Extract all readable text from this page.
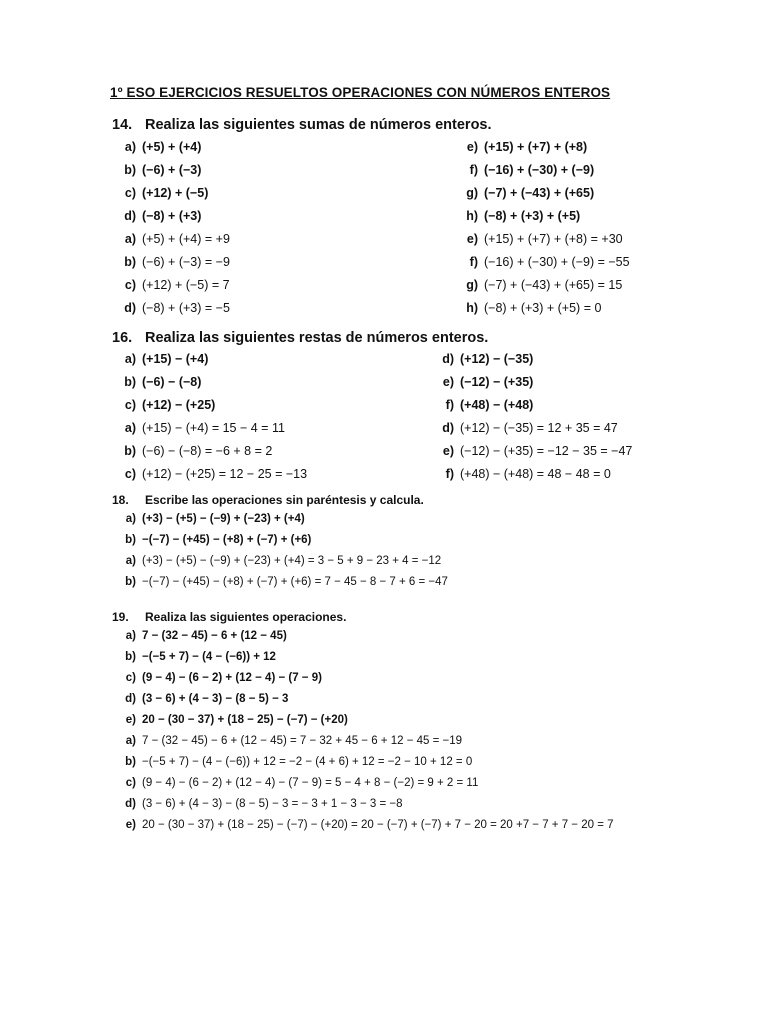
1º ESO EJERCICIOS RESUELTOS OPERACIONES CON NÚMEROS ENTEROS
14. Realiza las siguientes sumas de números enteros.
a) (+5) + (+4)
b) (−6) + (−3)
c) (+12) + (−5)
d) (−8) + (+3)
e) (+15) + (+7) + (+8)
f) (−16) + (−30) + (−9)
g) (−7) + (−43) + (+65)
h) (−8) + (+3) + (+5)
a) (+5) + (+4) = +9
b) (−6) + (−3) = −9
c) (+12) + (−5) = 7
d) (−8) + (+3) = −5
e) (+15) + (+7) + (+8) = +30
f) (−16) + (−30) + (−9) = −55
g) (−7) + (−43) + (+65) = 15
h) (−8) + (+3) + (+5) = 0
16. Realiza las siguientes restas de números enteros.
a) (+15) − (+4)
b) (−6) − (−8)
c) (+12) − (+25)
d) (+12) − (−35)
e) (−12) − (+35)
f) (+48) − (+48)
a) (+15) − (+4) = 15 − 4 = 11
b) (−6) − (−8) = −6 + 8 = 2
c) (+12) − (+25) = 12 − 25 = −13
d) (+12) − (−35) = 12 + 35 = 47
e) (−12) − (+35) = −12 − 35 = −47
f) (+48) − (+48) = 48 − 48 = 0
18.	Escribe las operaciones sin paréntesis y calcula.
a) (+3) − (+5) − (−9) + (−23) + (+4)
b) −(−7) − (+45) − (+8) + (−7) + (+6)
a) (+3) − (+5) − (−9) + (−23) + (+4) = 3 − 5 + 9 − 23 + 4 = −12
b) −(−7) − (+45) − (+8) + (−7) + (+6) = 7 − 45 − 8 − 7 + 6 = −47
19.	Realiza las siguientes operaciones.
a) 7 − (32 − 45) − 6 + (12 − 45)
b) −(−5 + 7) − (4 − (−6)) + 12
c) (9 − 4) − (6 − 2) + (12 − 4) − (7 − 9)
d) (3 − 6) + (4 − 3) − (8 − 5) − 3
e) 20 − (30 − 37) + (18 − 25) − (−7) − (+20)
a) 7 − (32 − 45) − 6 + (12 − 45) = 7 − 32 + 45 − 6 + 12 − 45 = −19
b) −(−5 + 7) − (4 − (−6)) + 12 = −2 − (4 + 6) + 12 = −2 − 10 + 12 = 0
c) (9 − 4) − (6 − 2) + (12 − 4) − (7 − 9) = 5 − 4 + 8 − (−2) = 9 + 2 = 11
d) (3 − 6) + (4 − 3) − (8 − 5) − 3 = − 3 + 1 − 3 − 3 = −8
e) 20 − (30 − 37) + (18 − 25) − (−7) − (+20) = 20 − (−7) + (−7) + 7 − 20 = 20 +7 − 7 + 7 − 20 = 7
